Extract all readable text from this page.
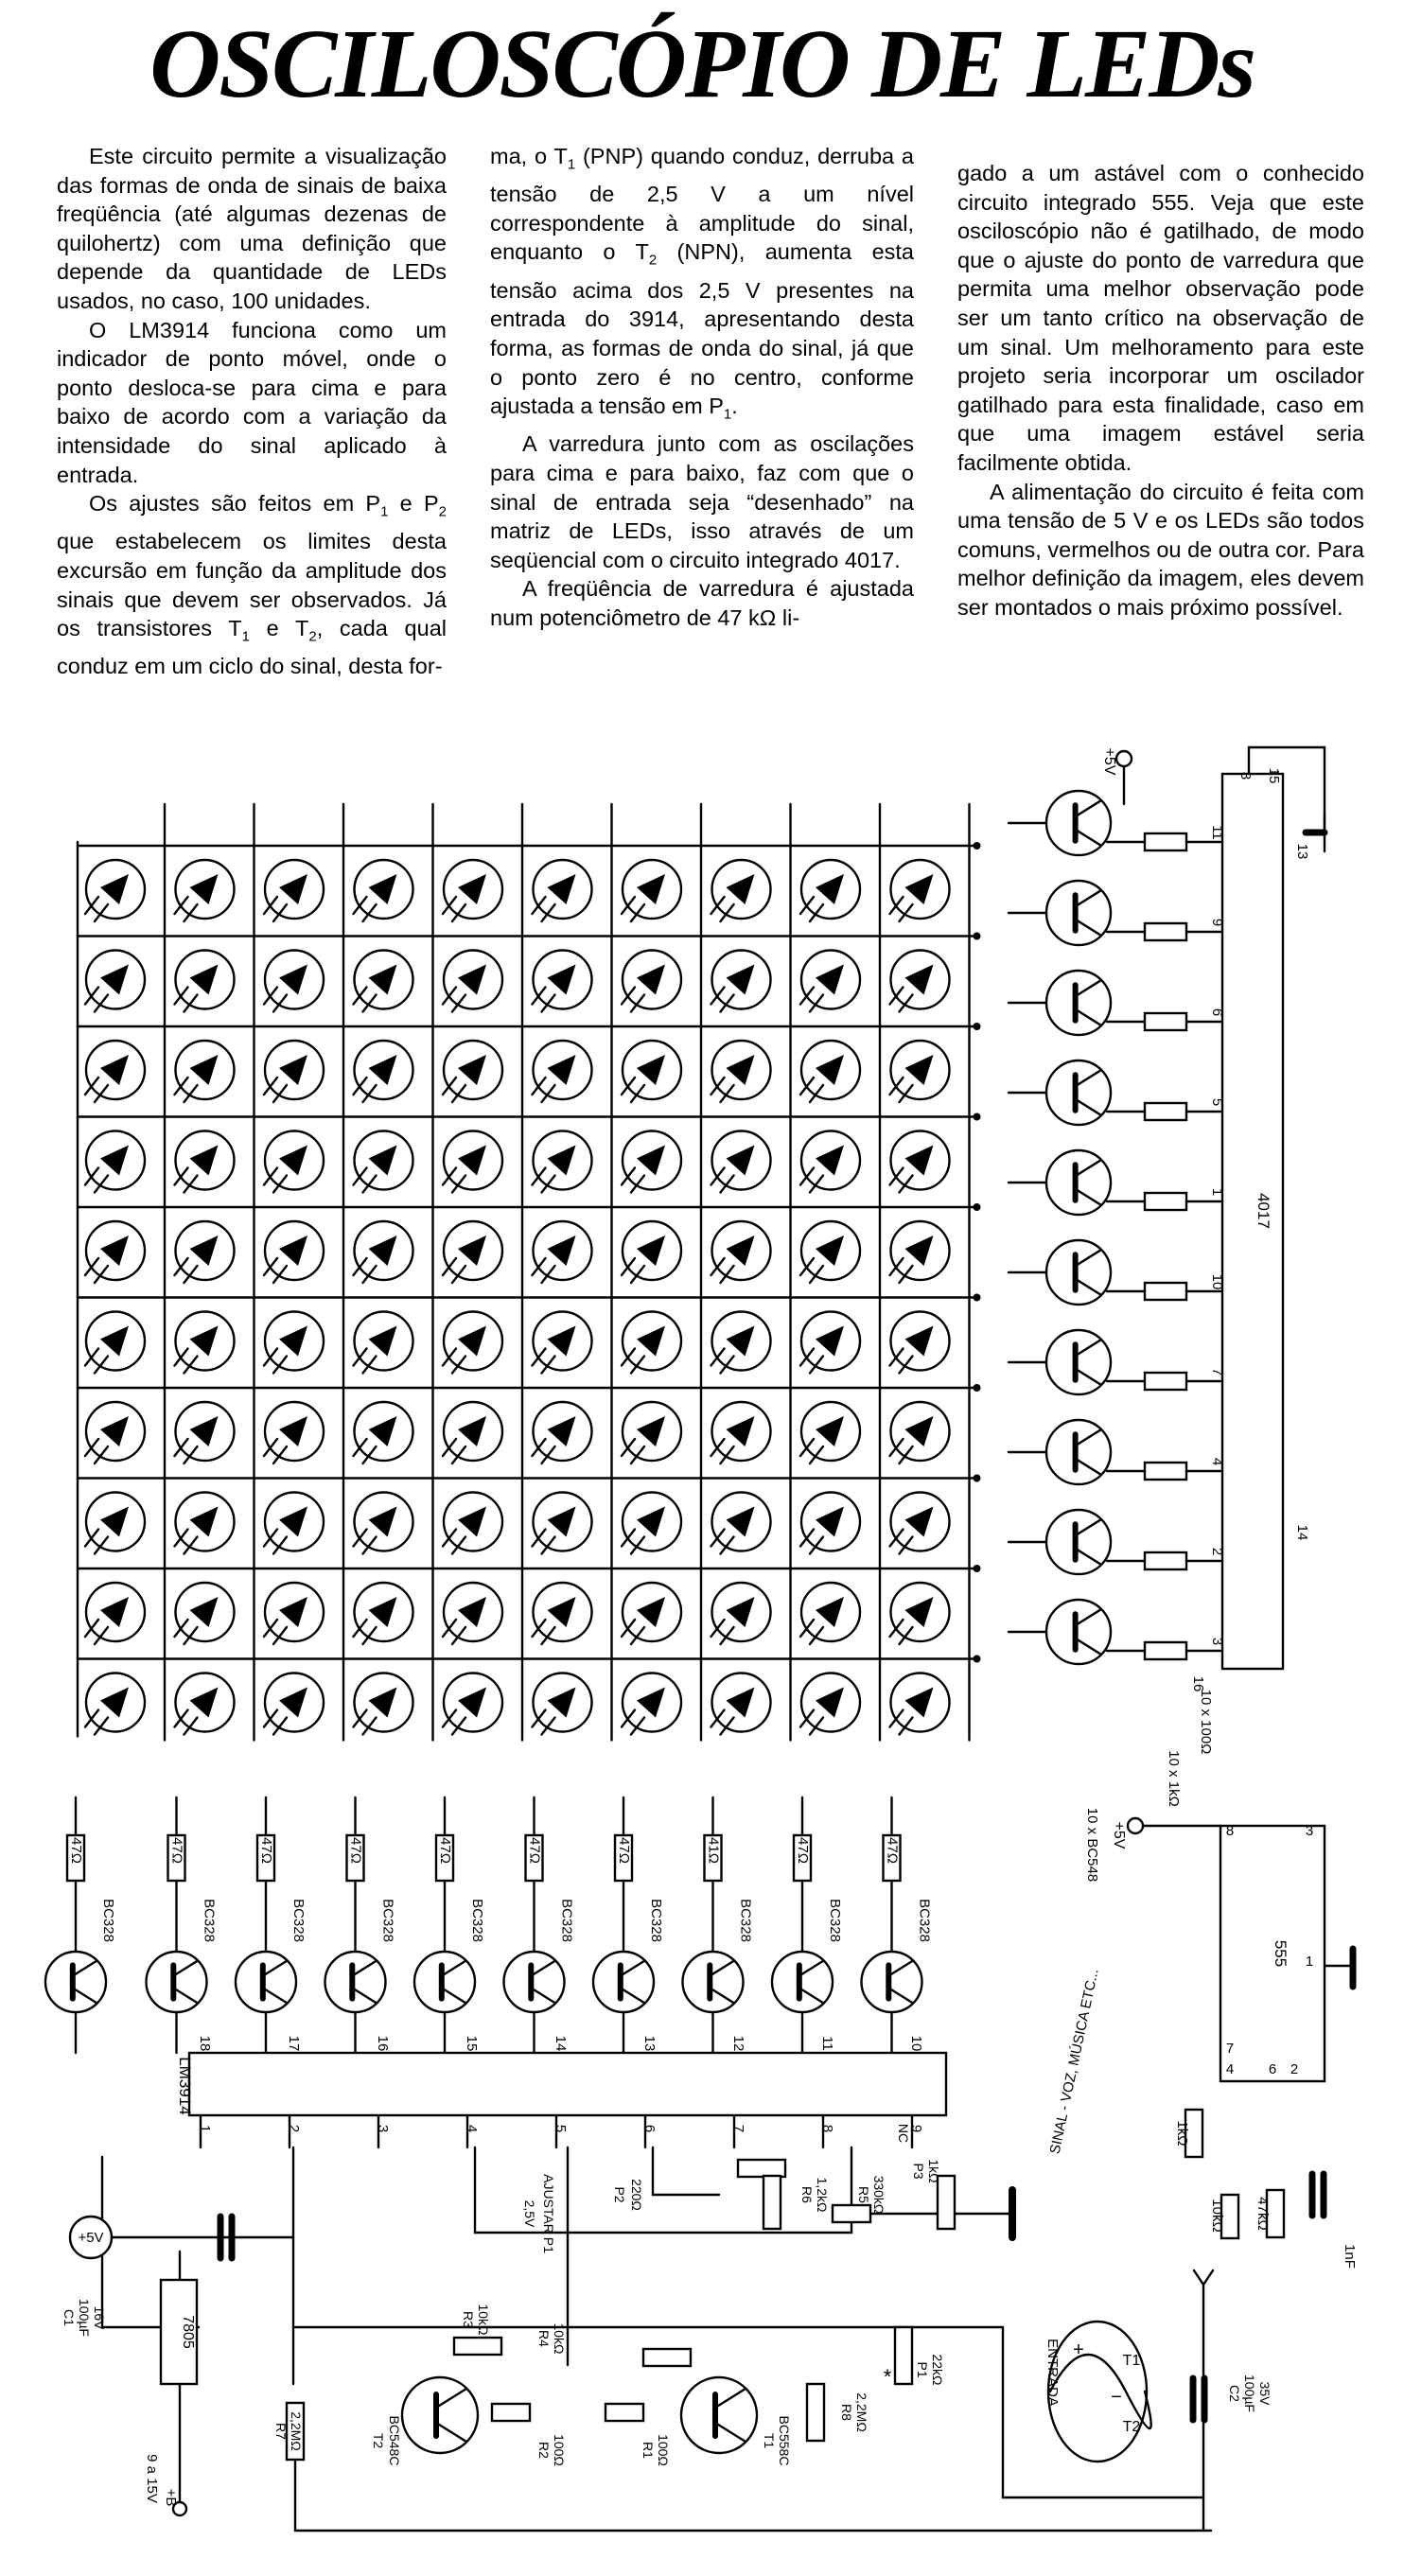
OSCILOSCÓPIO DE LEDs

Este circuito permite a visualização das formas de onda de sinais de baixa freqüência (até algumas dezenas de quilohertz) com uma definição que depende da quantidade de LEDs usados, no caso, 100 unidades.

O LM3914 funciona como um indicador de ponto móvel, onde o ponto desloca-se para cima e para baixo de acordo com a variação da intensidade do sinal aplicado à entrada.

Os ajustes são feitos em $P_1$ e $P_2$ que estabelecem os limites desta excursão em função da amplitude dos sinais que devem ser observados. Já os transistores $T_1$ e $T_2$, cada qual conduz em um ciclo do sinal, desta for-

ma, o $T_1$ (PNP) quando conduz, derruba a tensão de 2,5 V a um nível correspondente à amplitude do sinal, enquanto o $T_2$ (NPN), aumenta esta tensão acima dos 2,5 V presentes na entrada do 3914, apresentando desta forma, as formas de onda do sinal, já que o ponto zero é no centro, conforme ajustada a tensão em $P_1$.

A varredura junto com as oscilações para cima e para baixo, faz com que o sinal de entrada seja “desenhado” na matriz de LEDs, isso através de um seqüencial com o circuito integrado 4017.

A freqüência de varredura é ajustada num potenciômetro de 47 kΩ li-

gado a um astável com o conhecido circuito integrado 555. Veja que este osciloscópio não é gatilhado, de modo que o ajuste do ponto de varredura que permita uma melhor observação pode ser um tanto crítico na observação de um sinal. Um melhoramento para este projeto seria incorporar um oscilador gatilhado para esta finalidade, caso em que uma imagem estável seria facilmente obtida.

A alimentação do circuito é feita com uma tensão de 5 V e os LEDs são todos comuns, vermelhos ou de outra cor. Para melhor definição da imagem, eles devem ser montados o mais próximo possível.

11
9
6
5
1
10
7
4
2
3
4017
8 15
13
14
16
+5V
10 x 1kΩ
10 x 100Ω
10 x BC548
555
8	3
4
7
6 2
1
+5V
1kΩ
10kΩ 47kΩ
1nF
47Ω
BC328
47Ω
BC328
47Ω
BC328
47Ω
BC328
47Ω
BC328
47Ω
BC328
47Ω
BC328
41Ω
BC328
47Ω
BC328
47Ω
BC328
LM3914
18
1
17
2
16
3
15
4
14
5
13
6
12
7
11
8
10
9
+5V
C1 100µF 16V	7805
9 a 15V +B
2,5V AJUSTAR P1	P2 220Ω	R6 1,2kΩ R5 330kΩ
P3 1kΩ
NC
R7 2,2MΩ	T2 BC548C
R3 10kΩ
R4 10kΩ
R2 100Ω	R1 100Ω	T1 BC558C
R8 2,2MΩ
P1 22kΩ
*	ENTRADA	T1
T2
+
−	C2 100µF 35V
SINAL - VOZ, MÚSICA ETC...
